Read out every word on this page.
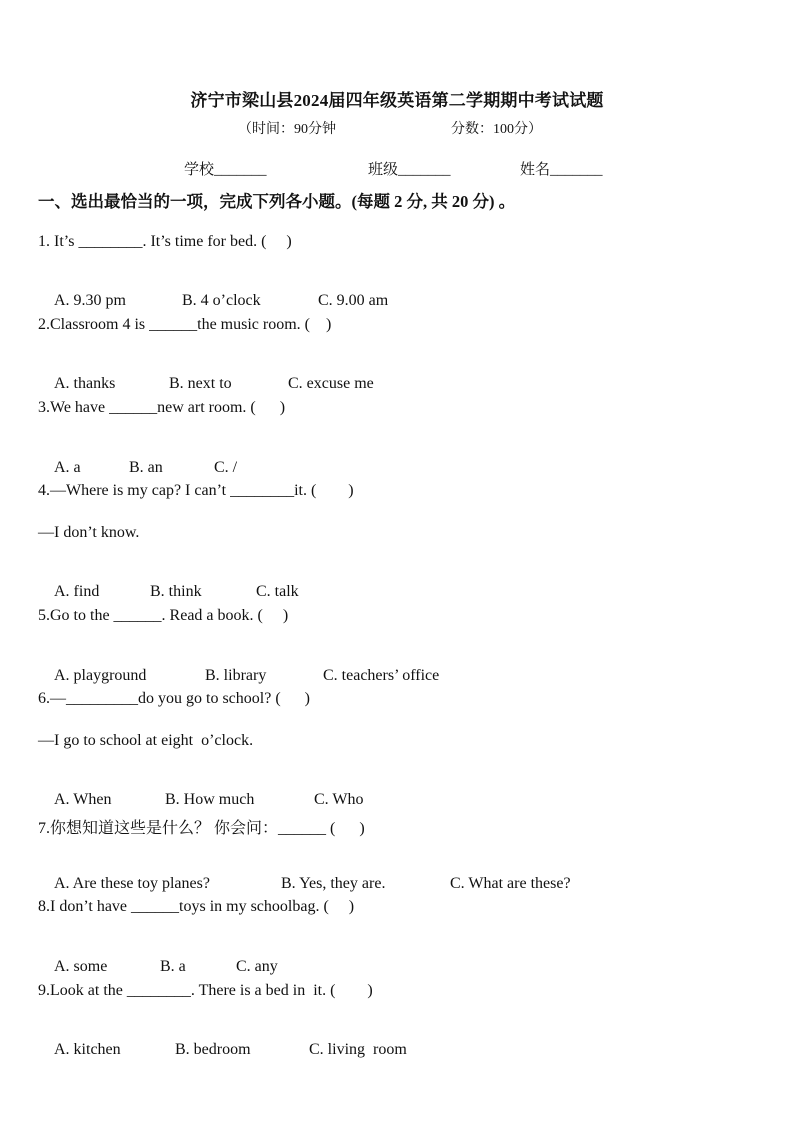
济宁市梁山县2024届四年级英语第二学期期中考试试题
（时间：90分钟	分数：100分）
学校_______	班级_______	姓名_______
一、选出最恰当的一项，完成下列各小题。(每题 2 分, 共 20 分) 。
1. It’s ________. It’s time for bed. (     )

A. 9.30 pm	B. 4 o’clock	C. 9.00 am

2.Classroom 4 is ______the music room. (    )

A. thanks	B. next to	C. excuse me

3.We have ______new art room. (      )

A. a	B. an	C. /

4.—Where is my cap? I can’t ________it. (        )
—I don’t know.

A. find	B. think	C. talk

5.Go to the ______. Read a book. (     )

A. playground	B. library	C. teachers’ office

6.—_________do you go to school? (      )
—I go to school at eight  o’clock.

A. When	B. How much	C. Who

7.你想知道这些是什么？ 你会问：______ (      )

A. Are these toy planes?	B. Yes, they are.	C. What are these?

8.I don’t have ______toys in my schoolbag. (     )

A. some	B. a	C. any

9.Look at the ________. There is a bed in  it. (        )

A. kitchen	B. bedroom	C. living  room
